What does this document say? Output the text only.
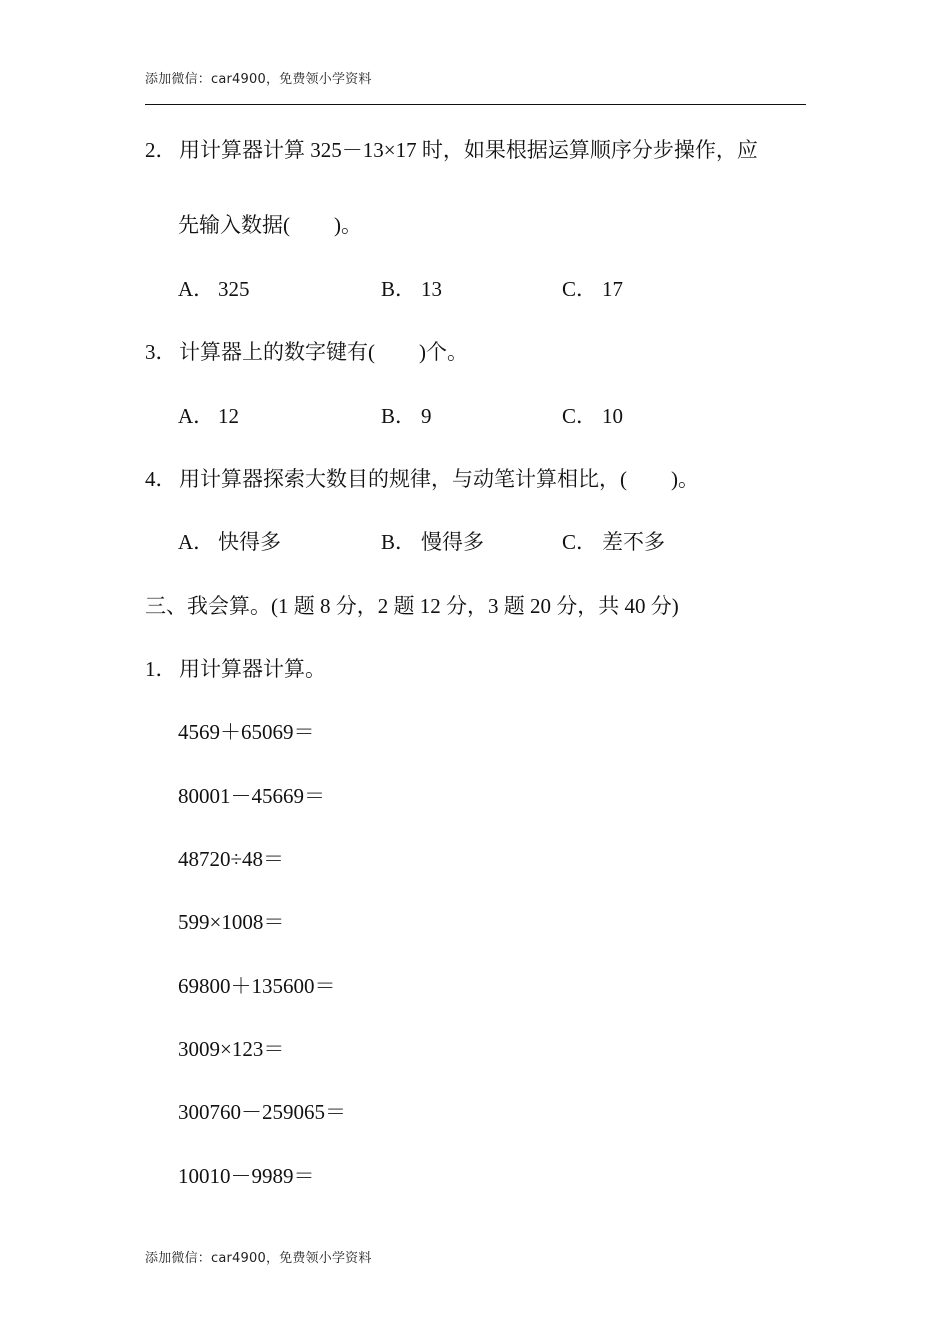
添加微信：car4900，免费领小学资料
2． 用计算器计算 325－13×17 时，如果根据运算顺序分步操作，应
先输入数据( )。
A． 325	B． 13	C． 17
3． 计算器上的数字键有( )个。
A． 12	B． 9	C． 10
4． 用计算器探索大数目的规律，与动笔计算相比，( )。
A． 快得多	B． 慢得多	C． 差不多
三、我会算。(1 题 8 分，2 题 12 分，3 题 20 分，共 40 分)
1． 用计算器计算。
4569＋65069＝
80001－45669＝
48720÷48＝
599×1008＝
69800＋135600＝
3009×123＝
300760－259065＝
10010－9989＝
添加微信：car4900，免费领小学资料
